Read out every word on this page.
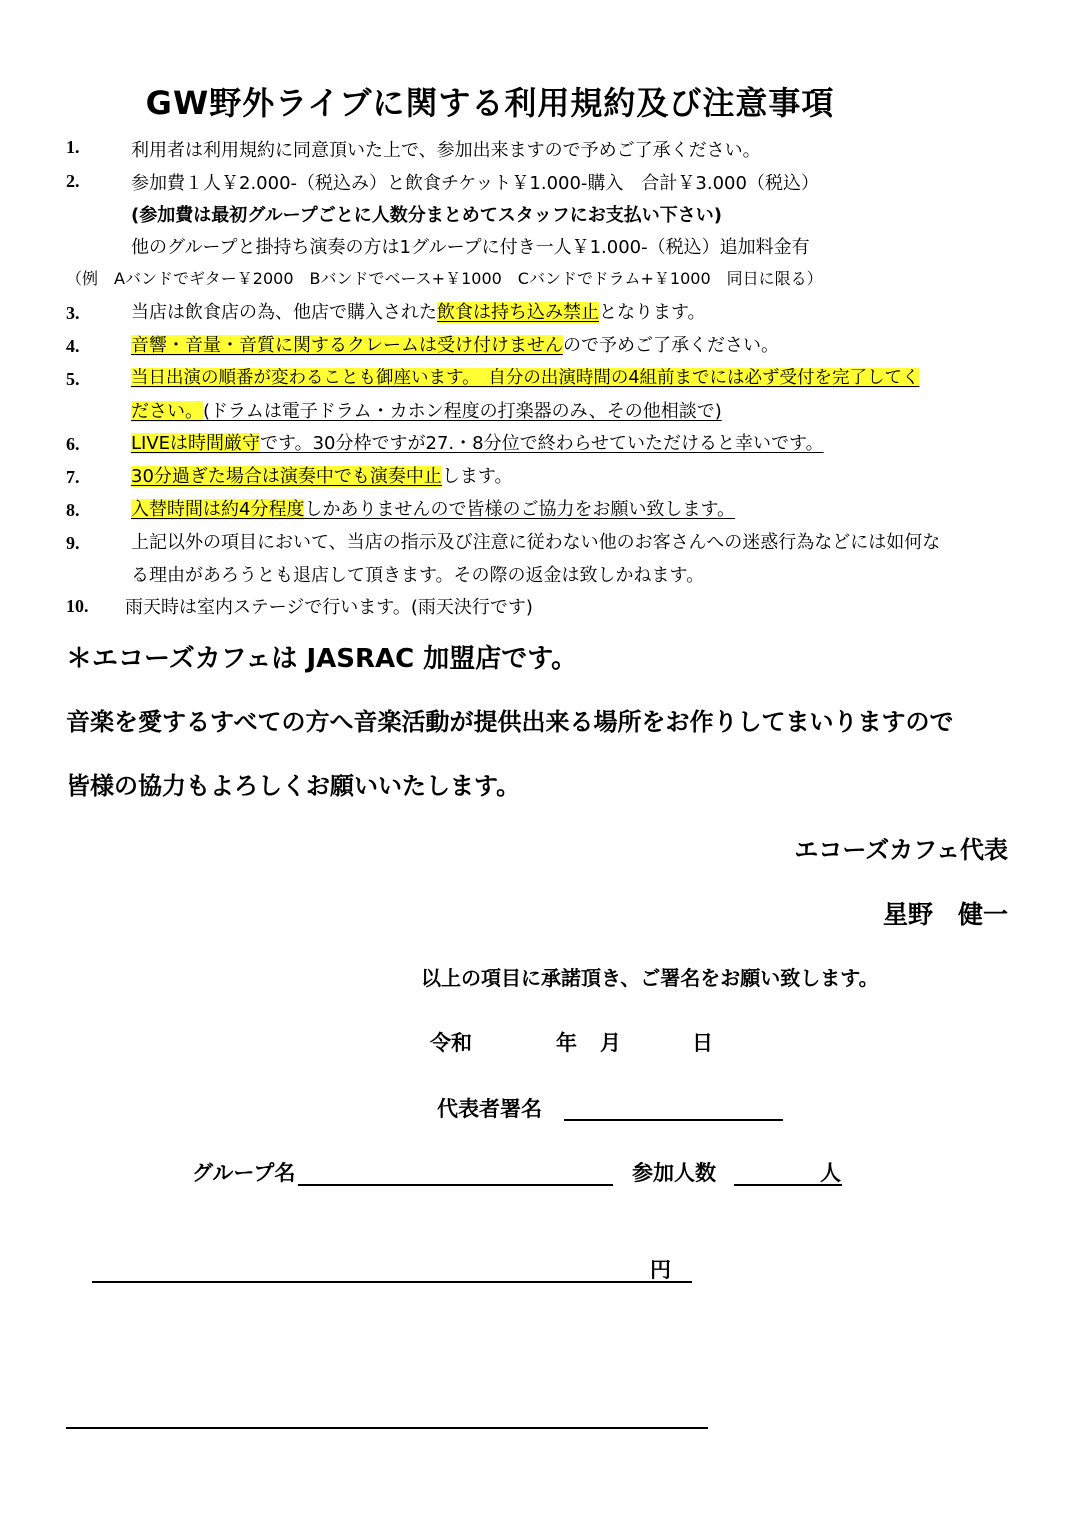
GW野外ライブに関する利用規約及び注意事項
1.	利用者は利用規約に同意頂いた上で、参加出来ますので予めご了承ください。
2.	参加費１人￥2.000-（税込み）と飲食チケット￥1.000-購入　合計￥3.000（税込）
(参加費は最初グループごとに人数分まとめてスタッフにお支払い下さい)
他のグループと掛持ち演奏の方は1グループに付き一人￥1.000-（税込）追加料金有
（例　Aバンドでギター￥2000　Bバンドでベース+￥1000　Cバンドでドラム+￥1000　同日に限る）
3.	当店は飲食店の為、他店で購入された飲食は持ち込み禁止となります。
4.	音響・音量・音質に関するクレームは受け付けませんので予めご了承ください。
5.	当日出演の順番が変わることも御座います。　自分の出演時間の4組前までには必ず受付を完了してく
ださい。(ドラムは電子ドラム・カホン程度の打楽器のみ、その他相談で)
6.	LIVEは時間厳守です。30分枠ですが27.・8分位で終わらせていただけると幸いです。
7.	30分過ぎた場合は演奏中でも演奏中止します。
8.	入替時間は約4分程度しかありませんので皆様のご協力をお願い致します。
9.	上記以外の項目において、当店の指示及び注意に従わない他のお客さんへの迷惑行為などには如何な
る理由があろうとも退店して頂きます。その際の返金は致しかねます。
10. 雨天時は室内ステージで行います。(雨天決行です)
＊エコーズカフェは JASRAC 加盟店です。
音楽を愛するすべての方へ音楽活動が提供出来る場所をお作りしてまいりますので
皆様の協力もよろしくお願いいたします。
エコーズカフェ代表
星野　健一
以上の項目に承諾頂き、ご署名をお願い致します。
令和	年 月	日
代表者署名
グループ名	参加人数	人
円
